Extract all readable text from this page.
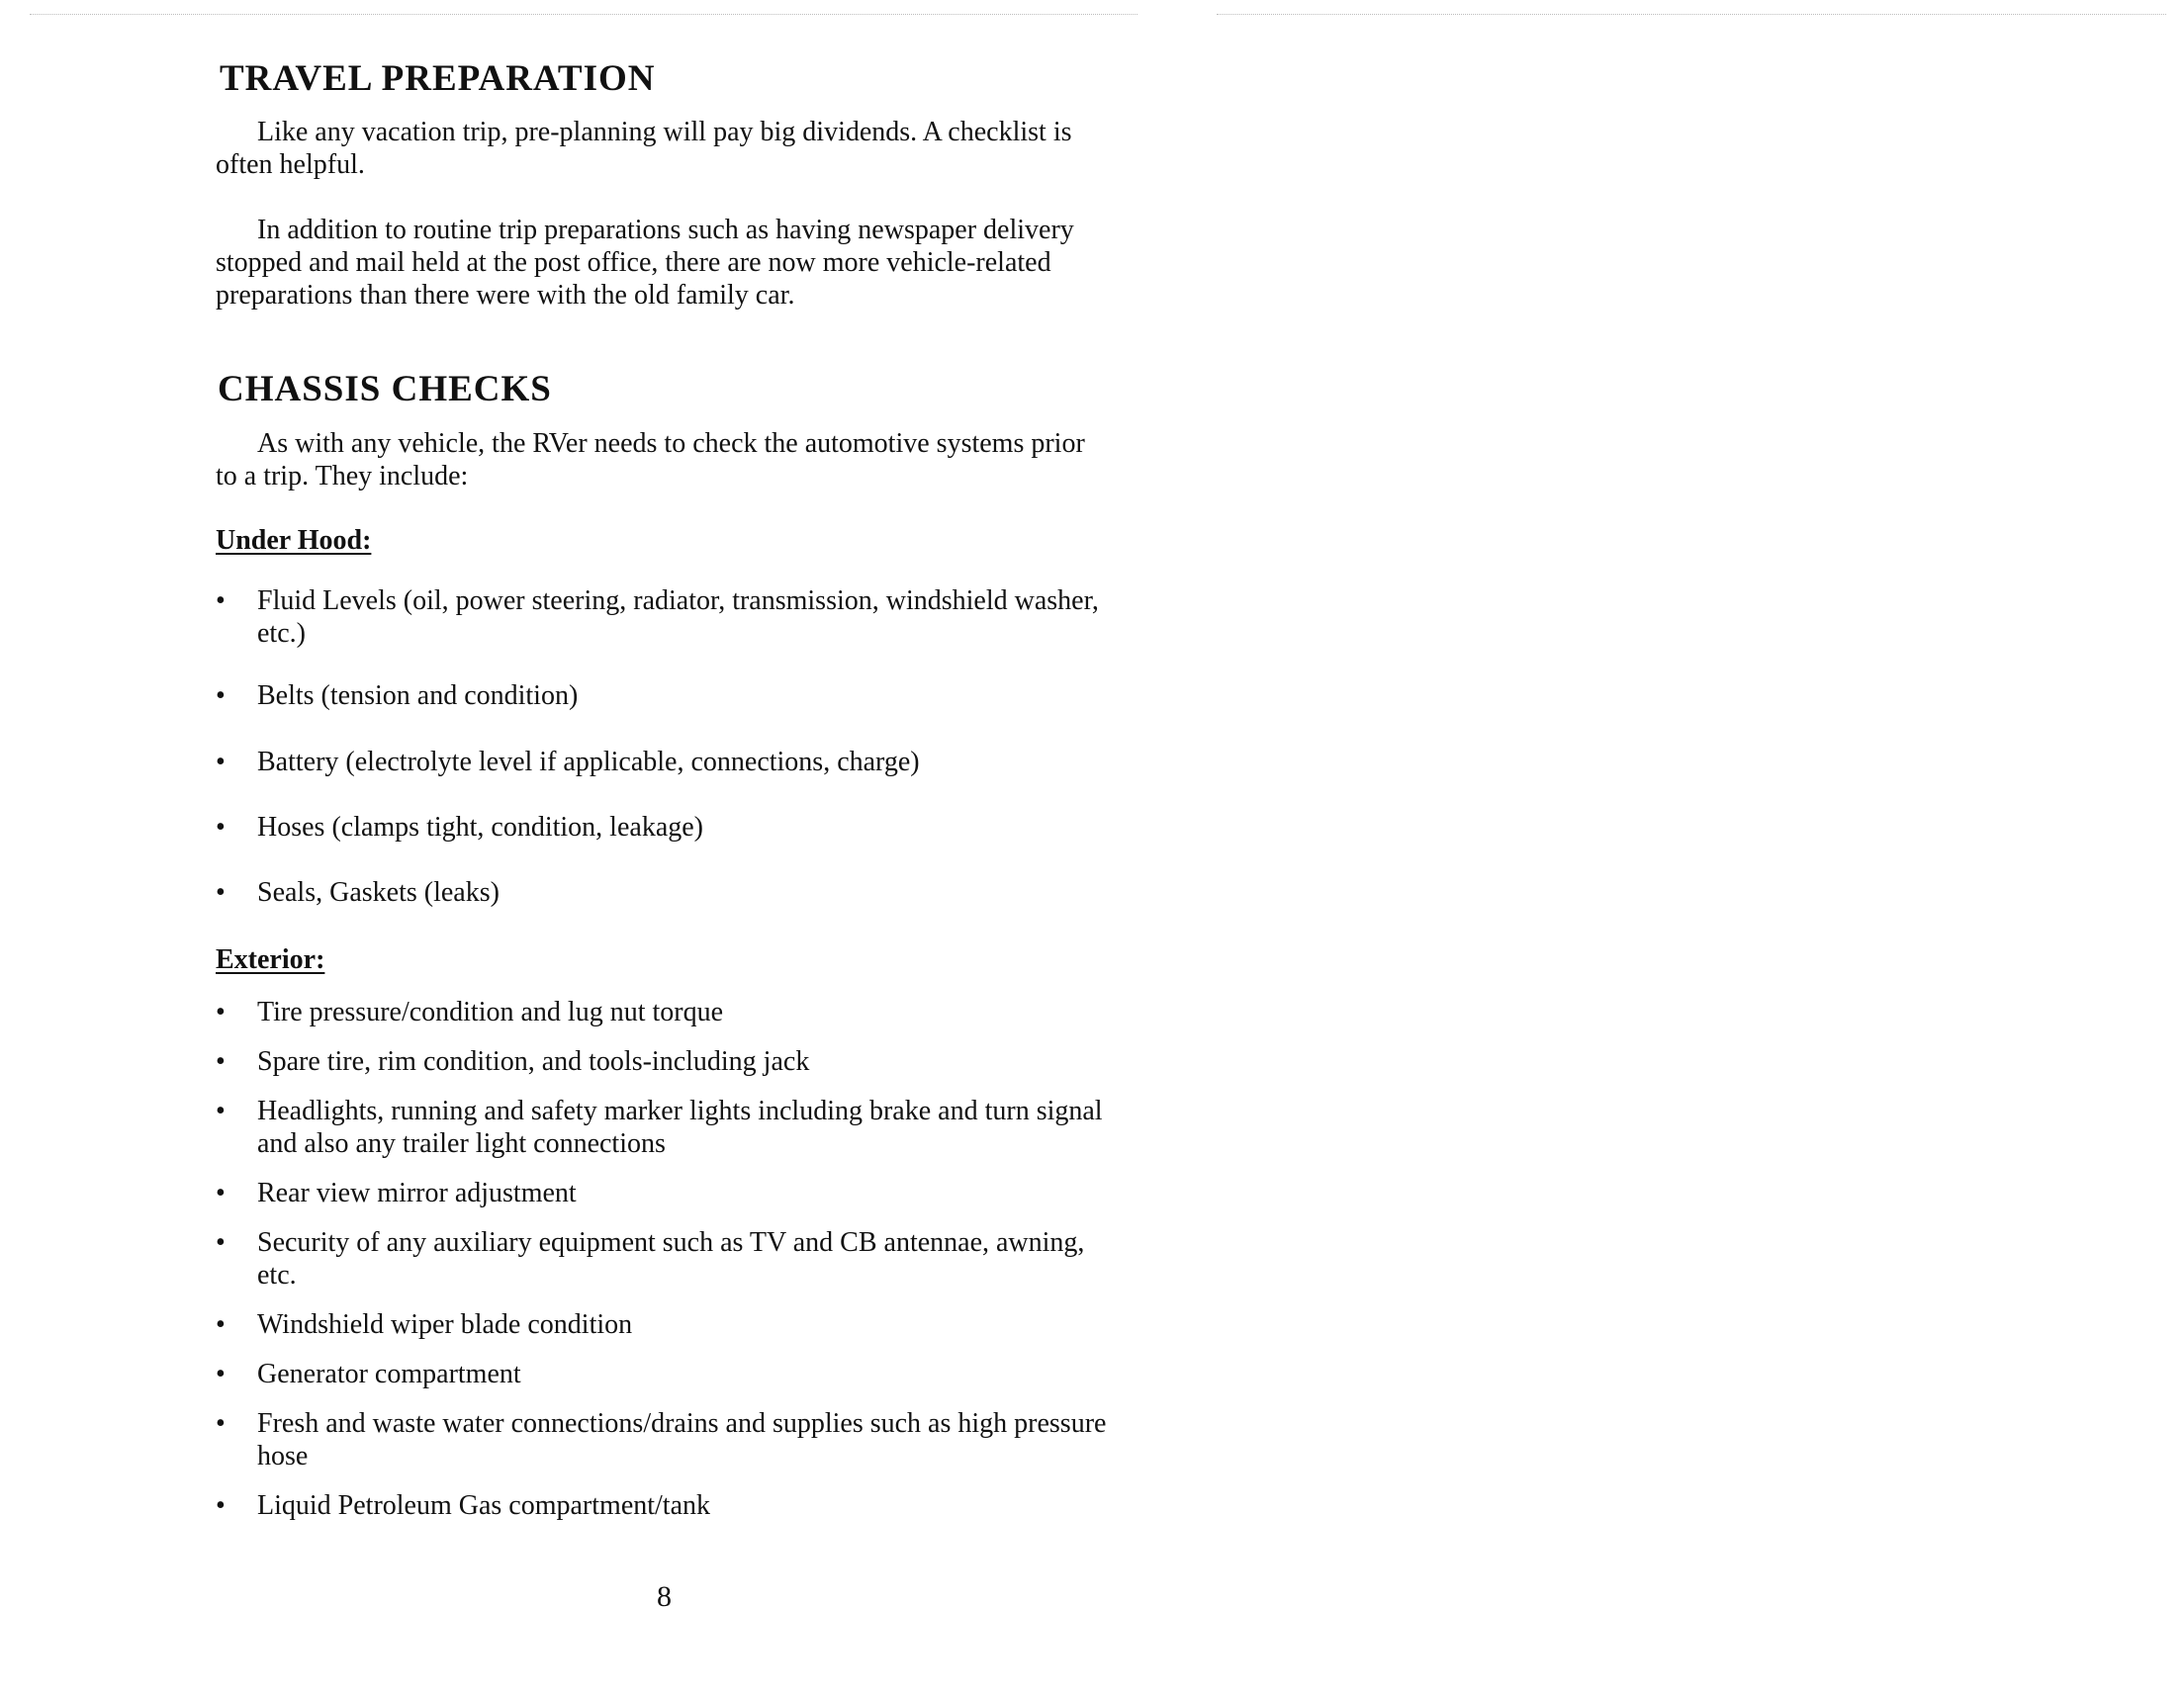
TRAVEL PREPARATION

Like any vacation trip, pre-planning will pay big dividends. A checklist is often helpful.

In addition to routine trip preparations such as having newspaper delivery stopped and mail held at the post office, there are now more vehicle-related preparations than there were with the old family car.

CHASSIS CHECKS

As with any vehicle, the RVer needs to check the automotive systems prior to a trip. They include:

Under Hood:
• Fluid Levels (oil, power steering, radiator, transmission, windshield washer, etc.)
• Belts (tension and condition)
• Battery (electrolyte level if applicable, connections, charge)
• Hoses (clamps tight, condition, leakage)
• Seals, Gaskets (leaks)
Exterior:
• Tire pressure/condition and lug nut torque
• Spare tire, rim condition, and tools-including jack
• Headlights, running and safety marker lights including brake and turn signal and also any trailer light connections
• Rear view mirror adjustment
• Security of any auxiliary equipment such as TV and CB antennae, awning, etc.
• Windshield wiper blade condition
• Generator compartment
• Fresh and waste water connections/drains and supplies such as high pressure hose
• Liquid Petroleum Gas compartment/tank
8
